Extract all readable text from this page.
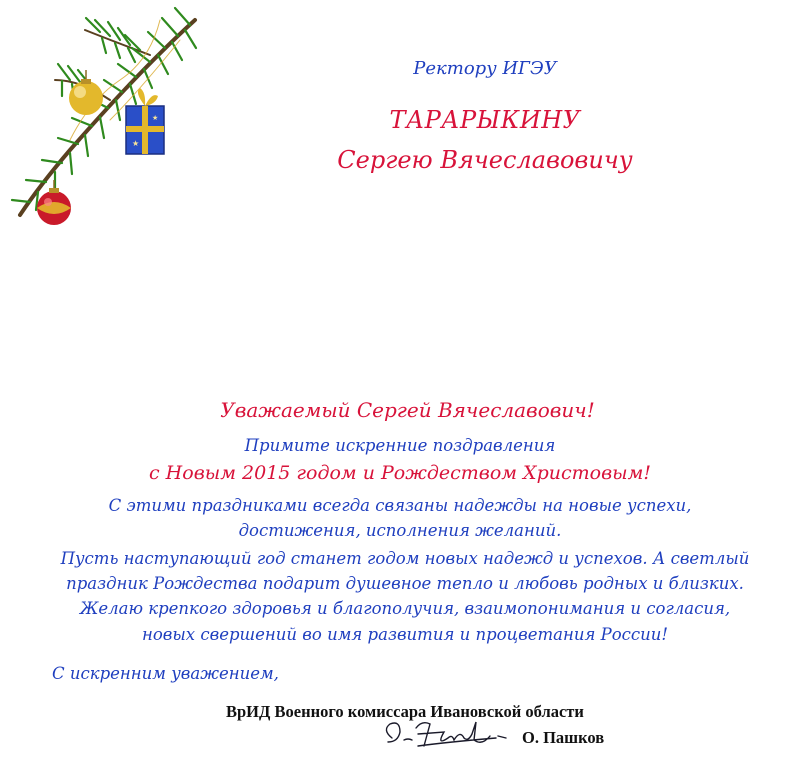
★
★
Ректору ИГЭУ
ТАРАРЫКИНУ
Сергею Вячеславовичу
Уважаемый Сергей Вячеславович!
Примите искренние поздравления
с Новым 2015 годом и Рождеством Христовым!
С этими праздниками всегда связаны надежды на новые успехи,
достижения, исполнения желаний.
Пусть наступающий год станет годом новых надежд и успехов. А светлый
праздник Рождества подарит душевное тепло и любовь родных и близких.
Желаю крепкого здоровья и благополучия, взаимопонимания и согласия,
новых свершений во имя развития и процветания России!
С искренним уважением,
ВрИД Военного комиссара Ивановской области
О. Пашков
